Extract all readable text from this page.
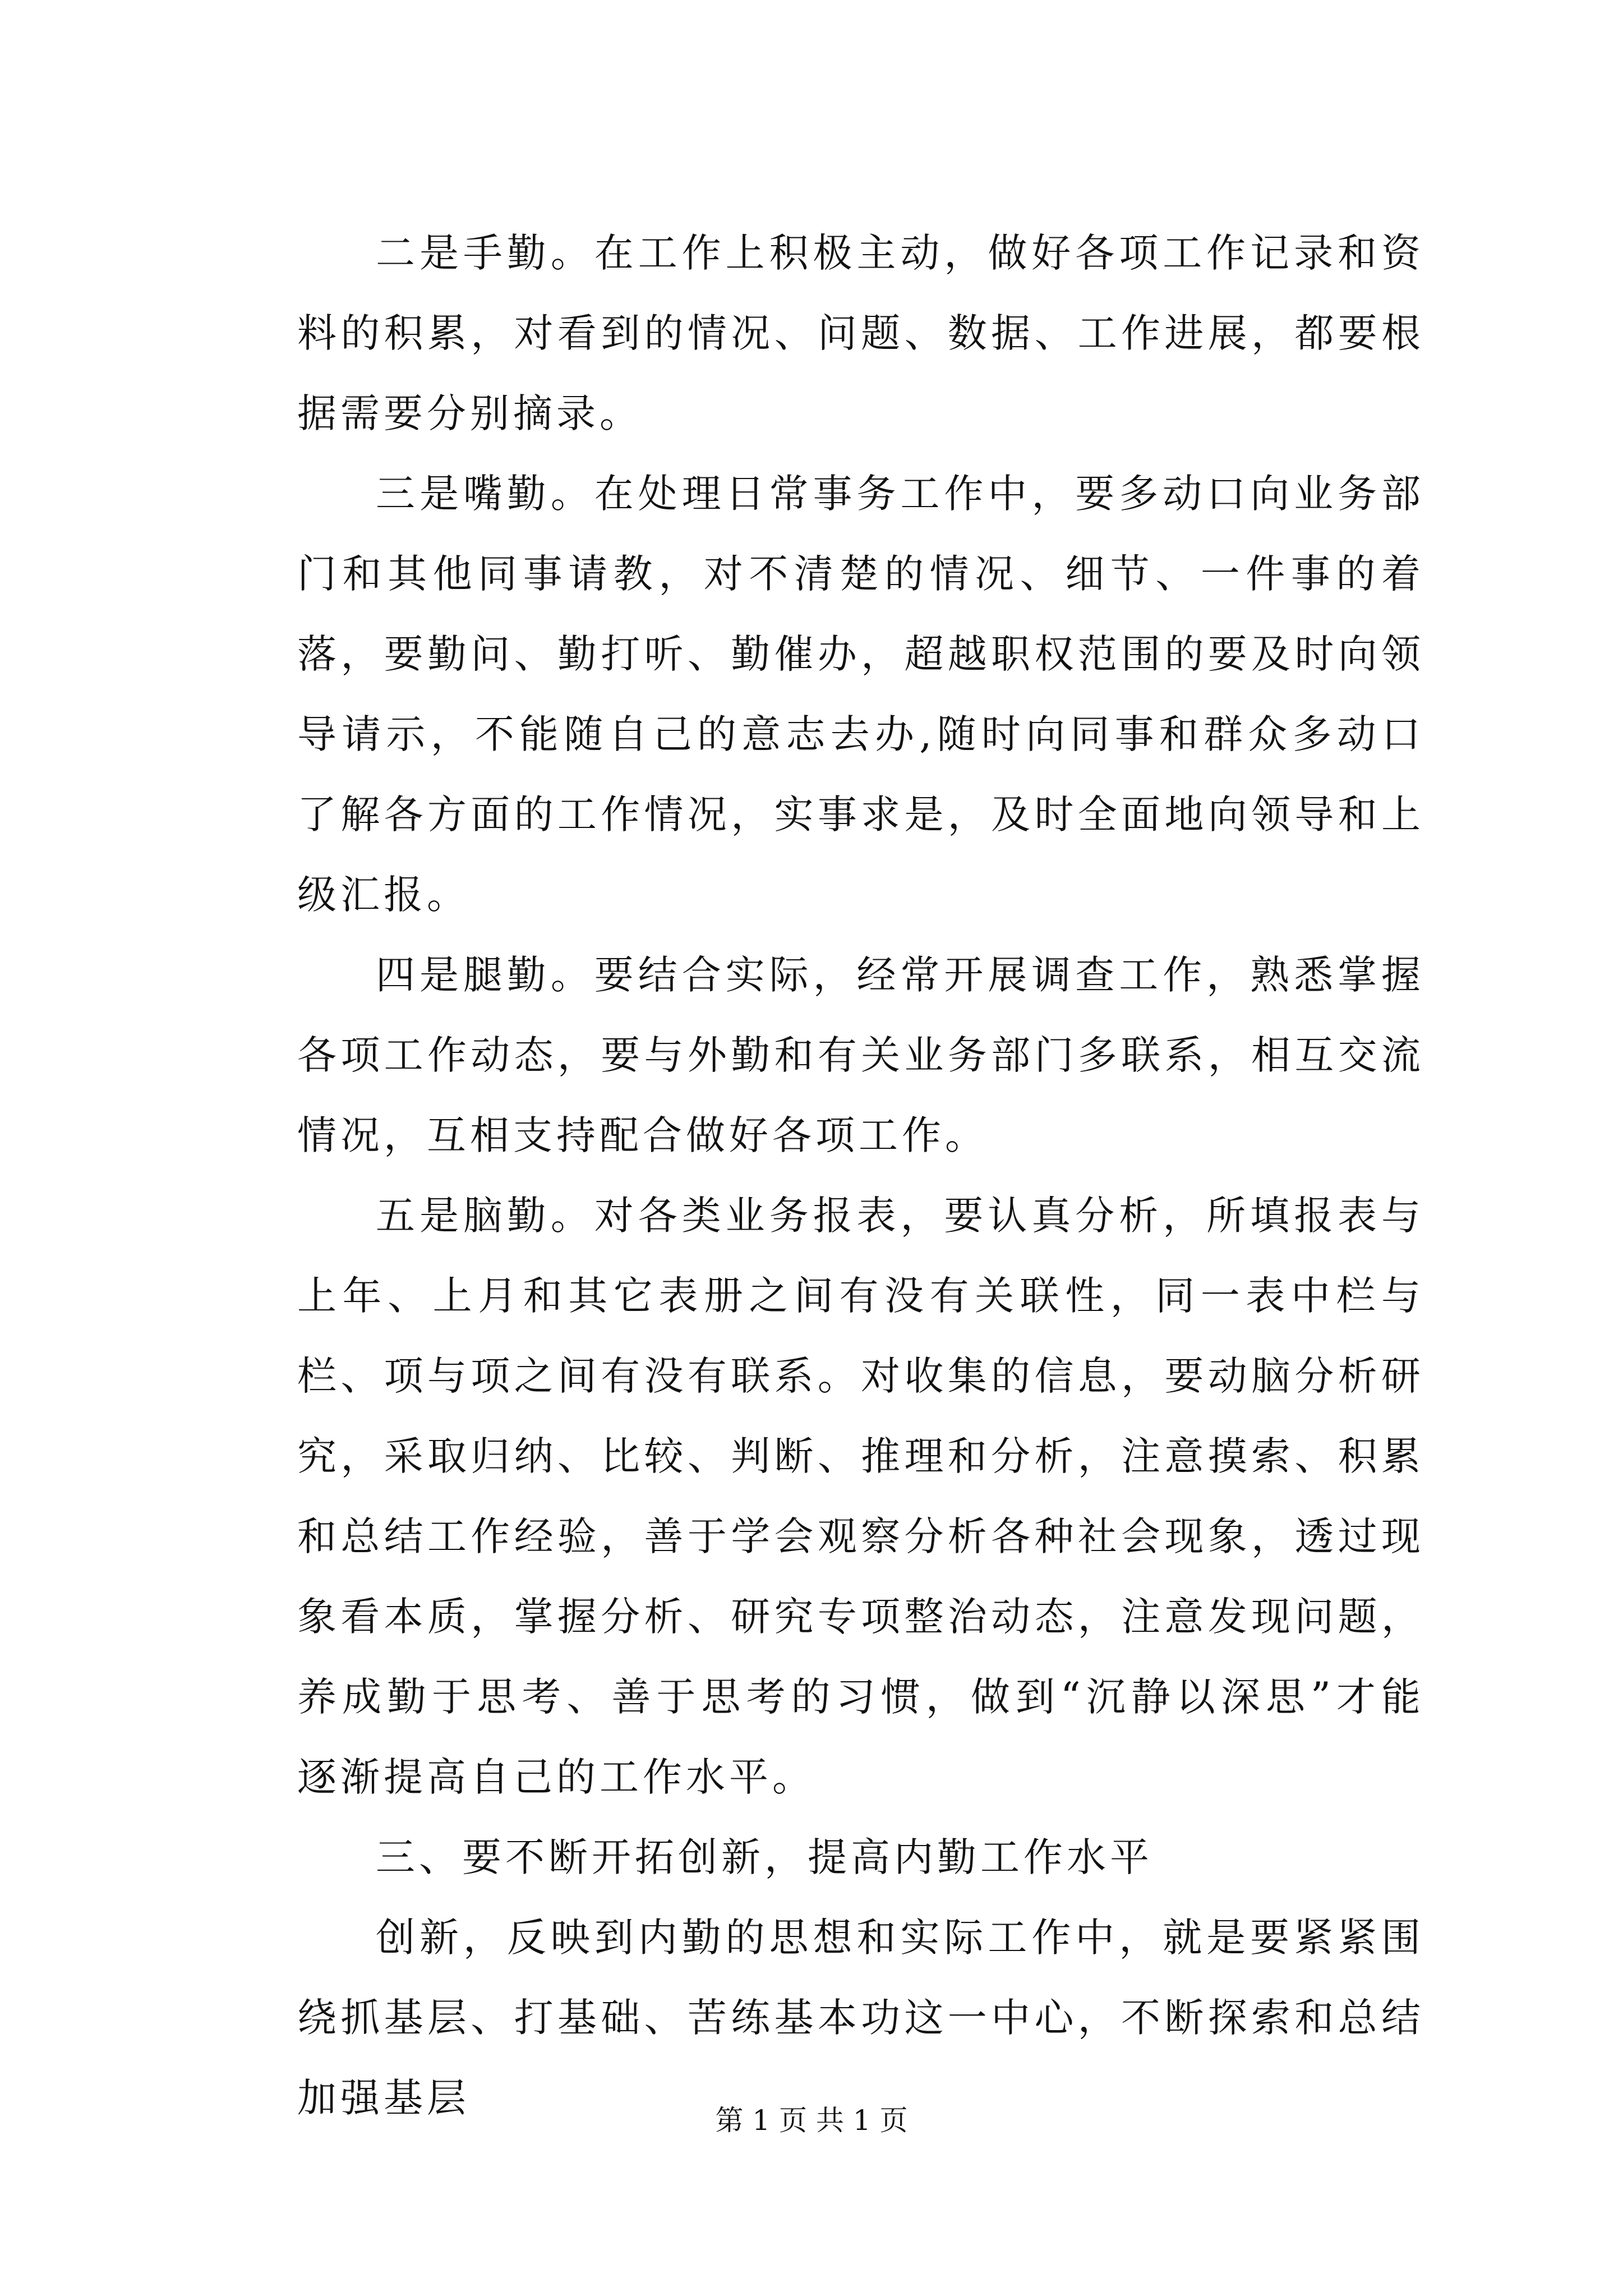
二是手勤。在工作上积极主动，做好各项工作记录和资料的积累，对看到的情况、问题、数据、工作进展，都要根据需要分别摘录。

三是嘴勤。在处理日常事务工作中，要多动口向业务部门和其他同事请教，对不清楚的情况、细节、一件事的着落，要勤问、勤打听、勤催办，超越职权范围的要及时向领导请示，不能随自己的意志去办,随时向同事和群众多动口了解各方面的工作情况，实事求是，及时全面地向领导和上级汇报。

四是腿勤。要结合实际，经常开展调查工作，熟悉掌握各项工作动态，要与外勤和有关业务部门多联系，相互交流情况，互相支持配合做好各项工作。

五是脑勤。对各类业务报表，要认真分析，所填报表与上年、上月和其它表册之间有没有关联性，同一表中栏与栏、项与项之间有没有联系。对收集的信息，要动脑分析研究，采取归纳、比较、判断、推理和分析，注意摸索、积累和总结工作经验，善于学会观察分析各种社会现象，透过现象看本质，掌握分析、研究专项整治动态，注意发现问题，养成勤于思考、善于思考的习惯，做到“沉静以深思”才能逐渐提高自己的工作水平。

三、要不断开拓创新，提高内勤工作水平

创新，反映到内勤的思想和实际工作中，就是要紧紧围绕抓基层、打基础、苦练基本功这一中心，不断探索和总结加强基层	第 1 页 共 1 页
